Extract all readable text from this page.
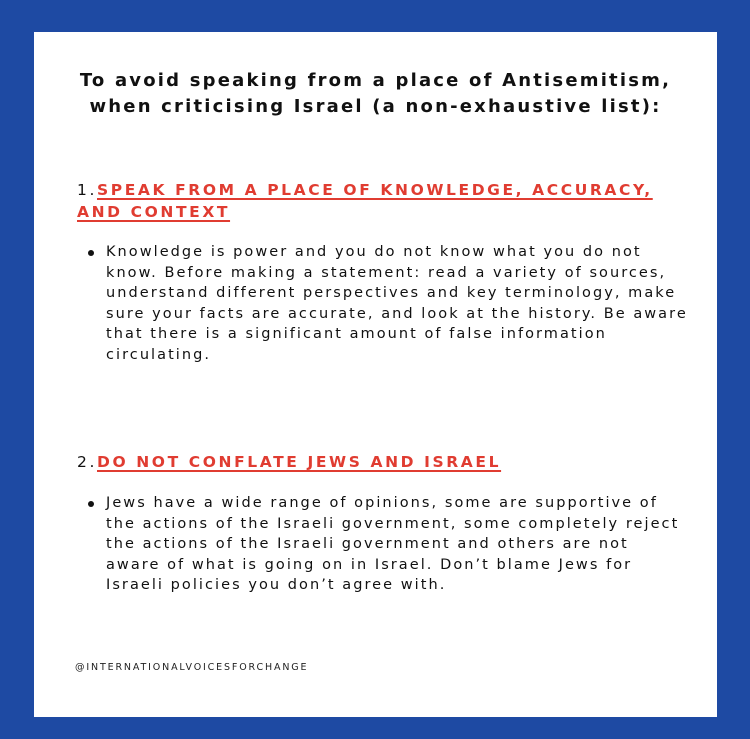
To avoid speaking from a place of Antisemitism, when criticising Israel (a non-exhaustive list):
1.SPEAK FROM A PLACE OF KNOWLEDGE, ACCURACY, AND CONTEXT
Knowledge is power and you do not know what you do not know. Before making a statement: read a variety of sources, understand different perspectives and key terminology, make sure your facts are accurate, and look at the history. Be aware that there is a significant amount of false information circulating.
2.DO NOT CONFLATE JEWS AND ISRAEL
Jews have a wide range of opinions, some are supportive of the actions of the Israeli government, some completely reject the actions of the Israeli government and others are not aware of what is going on in Israel. Don’t blame Jews for Israeli policies you don’t agree with.
@INTERNATIONALVOICESFORCHANGE
